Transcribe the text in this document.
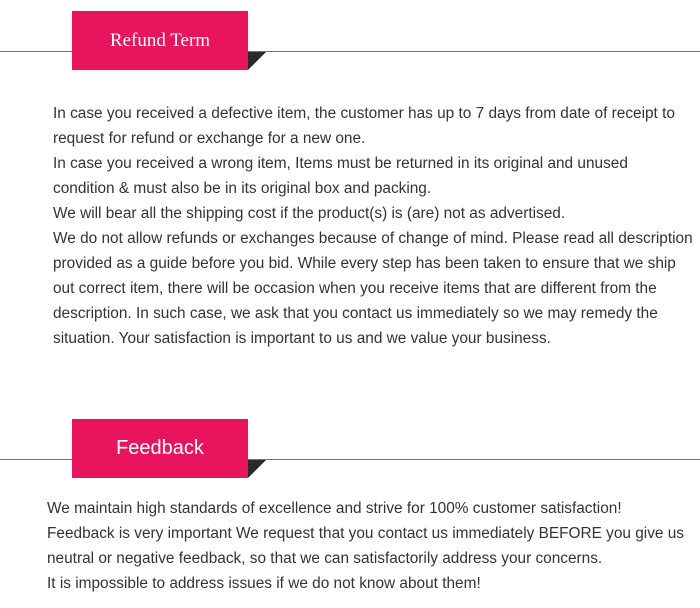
Refund Term

In case you received a defective item, the customer has up to 7 days from date of receipt to request for refund or exchange for a new one.

In case you received a wrong item, Items must be returned in its original and unused condition & must also be in its original box and packing.

We will bear all the shipping cost if the product(s) is (are) not as advertised.

We do not allow refunds or exchanges because of change of mind. Please read all description provided as a guide before you bid. While every step has been taken to ensure that we ship out correct item, there will be occasion when you receive items that are different from the description. In such case, we ask that you contact us immediately so we may remedy the situation. Your satisfaction is important to us and we value your business.

Feedback

We maintain high standards of excellence and strive for 100% customer satisfaction!

Feedback is very important We request that you contact us immediately BEFORE you give us neutral or negative feedback, so that we can satisfactorily address your concerns.

It is impossible to address issues if we do not know about them!
